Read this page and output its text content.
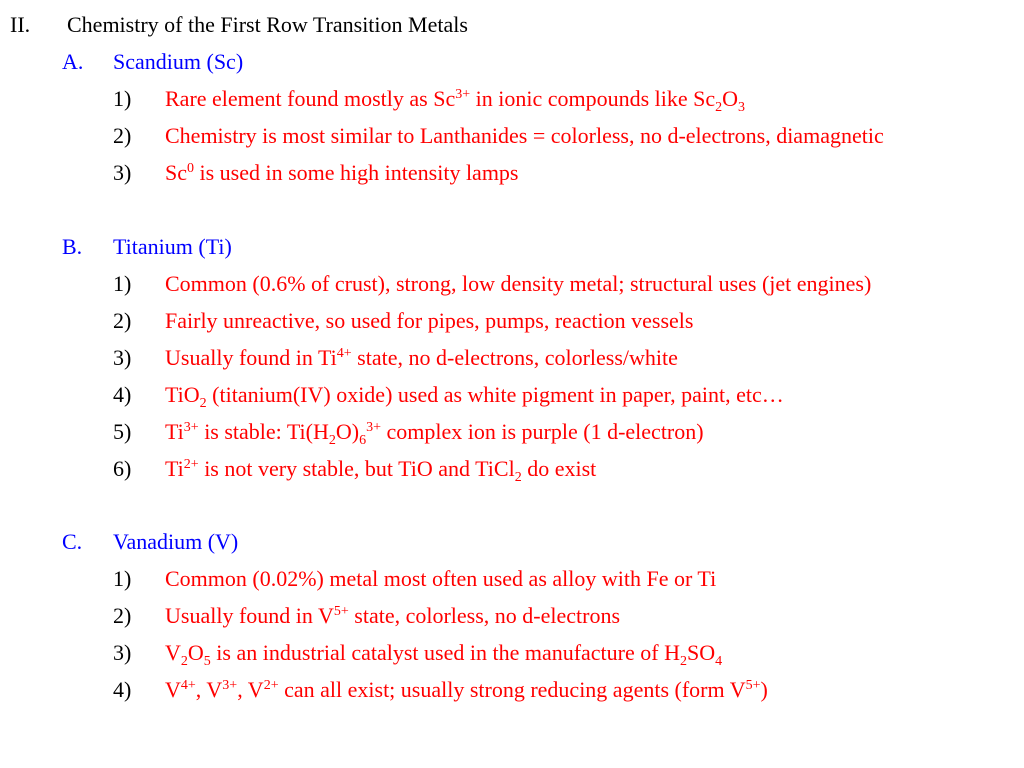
II. Chemistry of the First Row Transition Metals
A. Scandium (Sc)
1) Rare element found mostly as $Sc^{3+}$ in ionic compounds like $Sc_2O_3$
2) Chemistry is most similar to Lanthanides = colorless, no d-electrons, diamagnetic
3) Sc$^0$ is used in some high intensity lamps
B. Titanium (Ti)
1) Common (0.6% of crust), strong, low density metal; structural uses (jet engines)
2) Fairly unreactive, so used for pipes, pumps, reaction vessels
3) Usually found in $Ti^{4+}$ state, no d-electrons, colorless/white
4) TiO$_2$ (titanium(IV) oxide) used as white pigment in paper, paint, etc…
5) $Ti^{3+}$ is stable: $Ti(H_2O)_6^{3+}$ complex ion is purple (1 d-electron)
6) $Ti^{2+}$ is not very stable, but TiO and TiCl$_2$ do exist
C. Vanadium (V)
1) Common (0.02%) metal most often used as alloy with Fe or Ti
2) Usually found in $V^{5+}$ state, colorless, no d-electrons
3) $V_2O_5$ is an industrial catalyst used in the manufacture of $H_2SO_4$
4) $V^{4+}$, $V^{3+}$, $V^{2+}$ can all exist; usually strong reducing agents (form $V^{5+}$)
